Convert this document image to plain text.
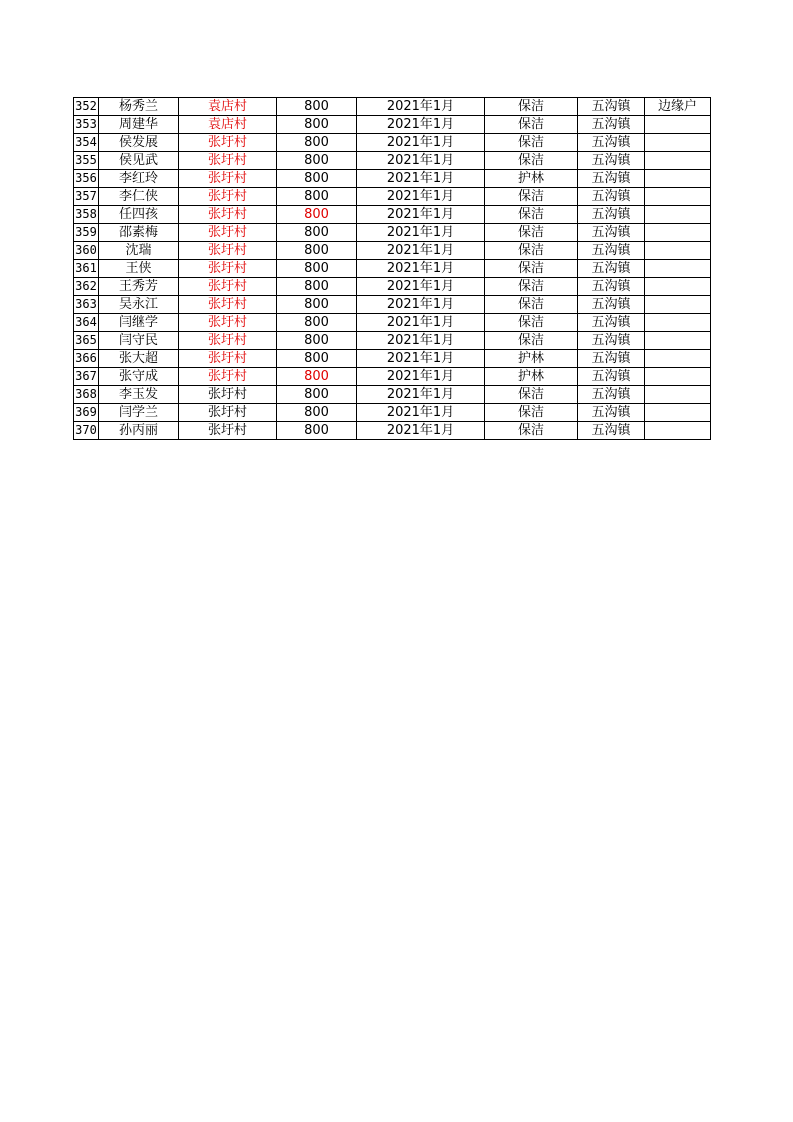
352	杨秀兰	袁店村	800	2021年1月	保洁	五沟镇	边缘户
353	周建华	袁店村	800	2021年1月	保洁	五沟镇	
354	侯发展	张圩村	800	2021年1月	保洁	五沟镇	
355	侯见武	张圩村	800	2021年1月	保洁	五沟镇	
356	李红玲	张圩村	800	2021年1月	护林	五沟镇	
357	李仁侠	张圩村	800	2021年1月	保洁	五沟镇	
358	任四孩	张圩村	800	2021年1月	保洁	五沟镇	
359	邵素梅	张圩村	800	2021年1月	保洁	五沟镇	
360	沈瑞	张圩村	800	2021年1月	保洁	五沟镇	
361	王侠	张圩村	800	2021年1月	保洁	五沟镇	
362	王秀芳	张圩村	800	2021年1月	保洁	五沟镇	
363	吴永江	张圩村	800	2021年1月	保洁	五沟镇	
364	闫继学	张圩村	800	2021年1月	保洁	五沟镇	
365	闫守民	张圩村	800	2021年1月	保洁	五沟镇	
366	张大超	张圩村	800	2021年1月	护林	五沟镇	
367	张守成	张圩村	800	2021年1月	护林	五沟镇	
368	李玉发	张圩村	800	2021年1月	保洁	五沟镇	
369	闫学兰	张圩村	800	2021年1月	保洁	五沟镇	
370	孙丙丽	张圩村	800	2021年1月	保洁	五沟镇	
